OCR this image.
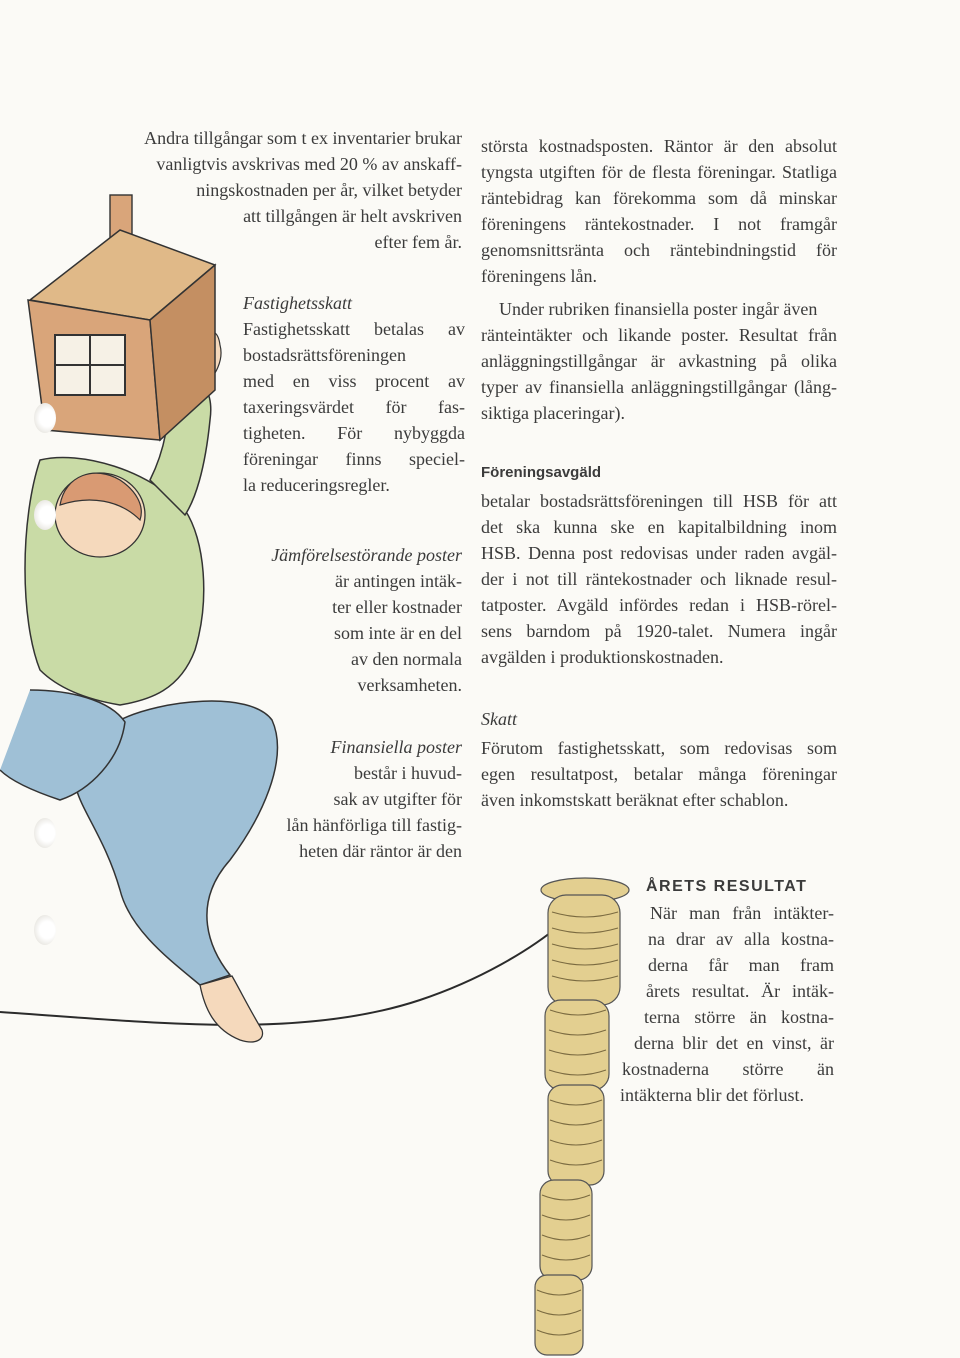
Andra tillgångar som t ex inventarier brukar
vanligtvis avskrivas med 20 % av anskaff-
ningskostnaden per år, vilket betyder
att tillgången är helt avskriven
efter fem år.
Fastighetsskatt
Fastighetsskatt betalas av
bostadsrättsföreningen
med en viss procent av
taxeringsvärdet för fas-
tigheten. För nybyggda
föreningar finns speciel-
la reduceringsregler.
Jämförelsestörande poster
är antingen intäk-
ter eller kostnader
som inte är en del
av den normala
verksamheten.
Finansiella poster
består i huvud-
sak av utgifter för
lån hänförliga till fastig-
heten där räntor är den
största kostnadsposten. Räntor är den absolut
tyngsta utgiften för de flesta föreningar. Statliga
räntebidrag kan förekomma som då minskar
föreningens räntekostnader. I not framgår
genomsnittsränta och räntebindningstid för
föreningens lån.
Under rubriken finansiella poster ingår även
ränteintäkter och likande poster. Resultat från
anläggningstillgångar är avkastning på olika
typer av finansiella anläggningstillgångar (lång-
siktiga placeringar).
Föreningsavgäld
betalar bostadsrättsföreningen till HSB för att
det ska kunna ske en kapitalbildning inom
HSB. Denna post redovisas under raden avgäl-
der i not till räntekostnader och liknade resul-
tatposter. Avgäld infördes redan i HSB-rörel-
sens barndom på 1920-talet. Numera ingår
avgälden i produktionskostnaden.
Skatt
Förutom fastighetsskatt, som redovisas som
egen resultatpost, betalar många föreningar
även inkomstskatt beräknat efter schablon.
ÅRETS RESULTAT
När man från intäkter-
na drar av alla kostna-
derna får man fram
årets resultat. Är intäk-
terna större än kostna-
derna blir det en vinst, är
kostnaderna större än
intäkterna blir det förlust.
